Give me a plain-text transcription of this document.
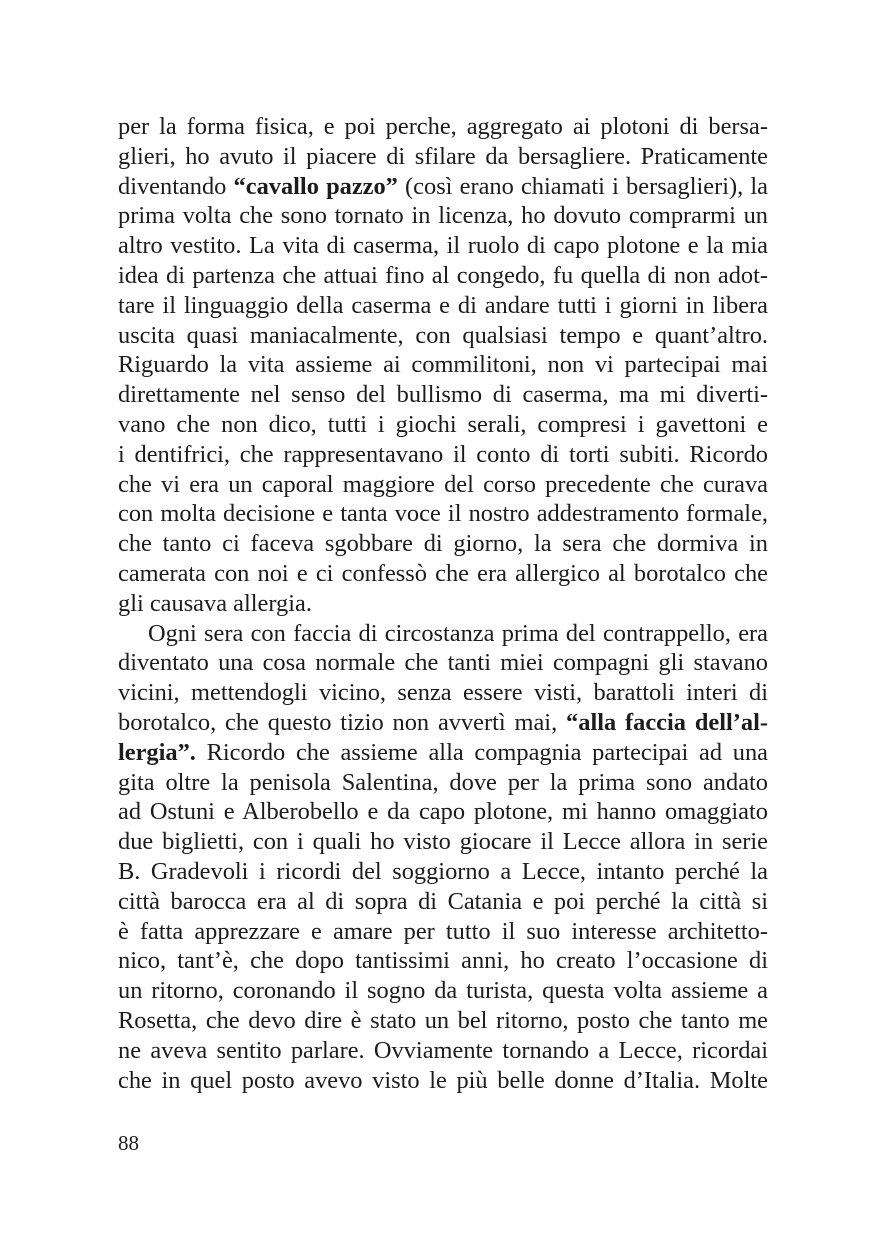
per la forma fisica, e poi perche, aggregato ai plotoni di bersa-
glieri, ho avuto il piacere di sfilare da bersagliere. Praticamente
diventando “cavallo pazzo” (così erano chiamati i bersaglieri), la
prima volta che sono tornato in licenza, ho dovuto comprarmi un
altro vestito. La vita di caserma, il ruolo di capo plotone e la mia
idea di partenza che attuai fino al congedo, fu quella di non adot-
tare il linguaggio della caserma e di andare tutti i giorni in libera
uscita quasi maniacalmente, con qualsiasi tempo e quant’altro.
Riguardo la vita assieme ai commilitoni, non vi partecipai mai
direttamente nel senso del bullismo di caserma, ma mi diverti-
vano che non dico, tutti i giochi serali, compresi i gavettoni e
i dentifrici, che rappresentavano il conto di torti subiti. Ricordo
che vi era un caporal maggiore del corso precedente che curava
con molta decisione e tanta voce il nostro addestramento formale,
che tanto ci faceva sgobbare di giorno, la sera che dormiva in
camerata con noi e ci confessò che era allergico al borotalco che
gli causava allergia.
Ogni sera con faccia di circostanza prima del contrappello, era
diventato una cosa normale che tanti miei compagni gli stavano
vicini, mettendogli vicino, senza essere visti, barattoli interi di
borotalco, che questo tizio non avvertì mai, “alla faccia dell’al-
lergia”. Ricordo che assieme alla compagnia partecipai ad una
gita oltre la penisola Salentina, dove per la prima sono andato
ad Ostuni e Alberobello e da capo plotone, mi hanno omaggiato
due biglietti, con i quali ho visto giocare il Lecce allora in serie
B. Gradevoli i ricordi del soggiorno a Lecce, intanto perché la
città barocca era al di sopra di Catania e poi perché la città si
è fatta apprezzare e amare per tutto il suo interesse architetto-
nico, tant’è, che dopo tantissimi anni, ho creato l’occasione di
un ritorno, coronando il sogno da turista, questa volta assieme a
Rosetta, che devo dire è stato un bel ritorno, posto che tanto me
ne aveva sentito parlare. Ovviamente tornando a Lecce, ricordai
che in quel posto avevo visto le più belle donne d’Italia. Molte
88
